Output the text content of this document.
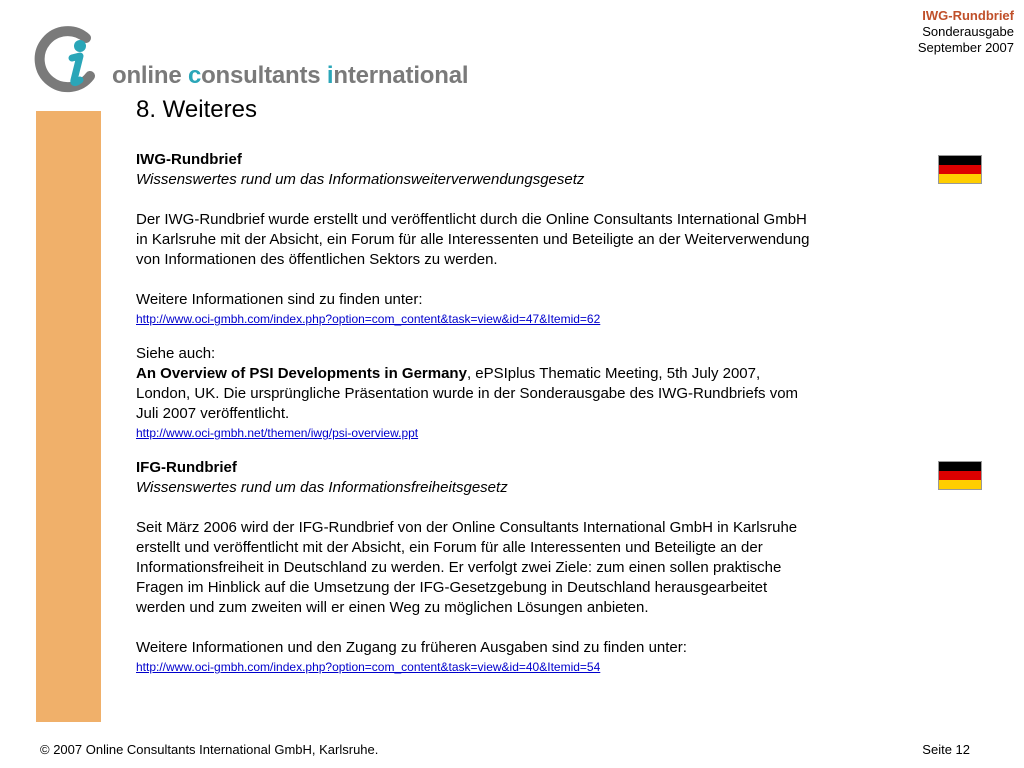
online consultants international
IWG-Rundbrief
Sonderausgabe
September 2007
8. Weiteres
IWG-Rundbrief
Wissenswertes rund um das Informationsweiterverwendungsgesetz
Der IWG-Rundbrief wurde erstellt und veröffentlicht durch die Online Consultants International GmbH
in Karlsruhe mit der Absicht, ein Forum für alle Interessenten und Beteiligte an der Weiterverwendung
von Informationen des öffentlichen Sektors zu werden.
Weitere Informationen sind zu finden unter:
http://www.oci-gmbh.com/index.php?option=com_content&task=view&id=47&Itemid=62
Siehe auch:
An Overview of PSI Developments in Germany, ePSIplus Thematic Meeting, 5th July 2007,
London, UK. Die ursprüngliche Präsentation wurde in der Sonderausgabe des IWG-Rundbriefs vom
Juli 2007 veröffentlicht.
http://www.oci-gmbh.net/themen/iwg/psi-overview.ppt
IFG-Rundbrief
Wissenswertes rund um das Informationsfreiheitsgesetz
Seit März 2006 wird der IFG-Rundbrief von der Online Consultants International GmbH in Karlsruhe
erstellt und veröffentlicht mit der Absicht, ein Forum für alle Interessenten und Beteiligte an der
Informationsfreiheit in Deutschland zu werden. Er verfolgt zwei Ziele: zum einen sollen praktische
Fragen im Hinblick auf die Umsetzung der IFG-Gesetzgebung in Deutschland herausgearbeitet
werden und zum zweiten will er einen Weg zu möglichen Lösungen anbieten.
Weitere Informationen und den Zugang zu früheren Ausgaben sind zu finden unter:
http://www.oci-gmbh.com/index.php?option=com_content&task=view&id=40&Itemid=54
© 2007 Online Consultants International GmbH, Karlsruhe.	Seite 12
